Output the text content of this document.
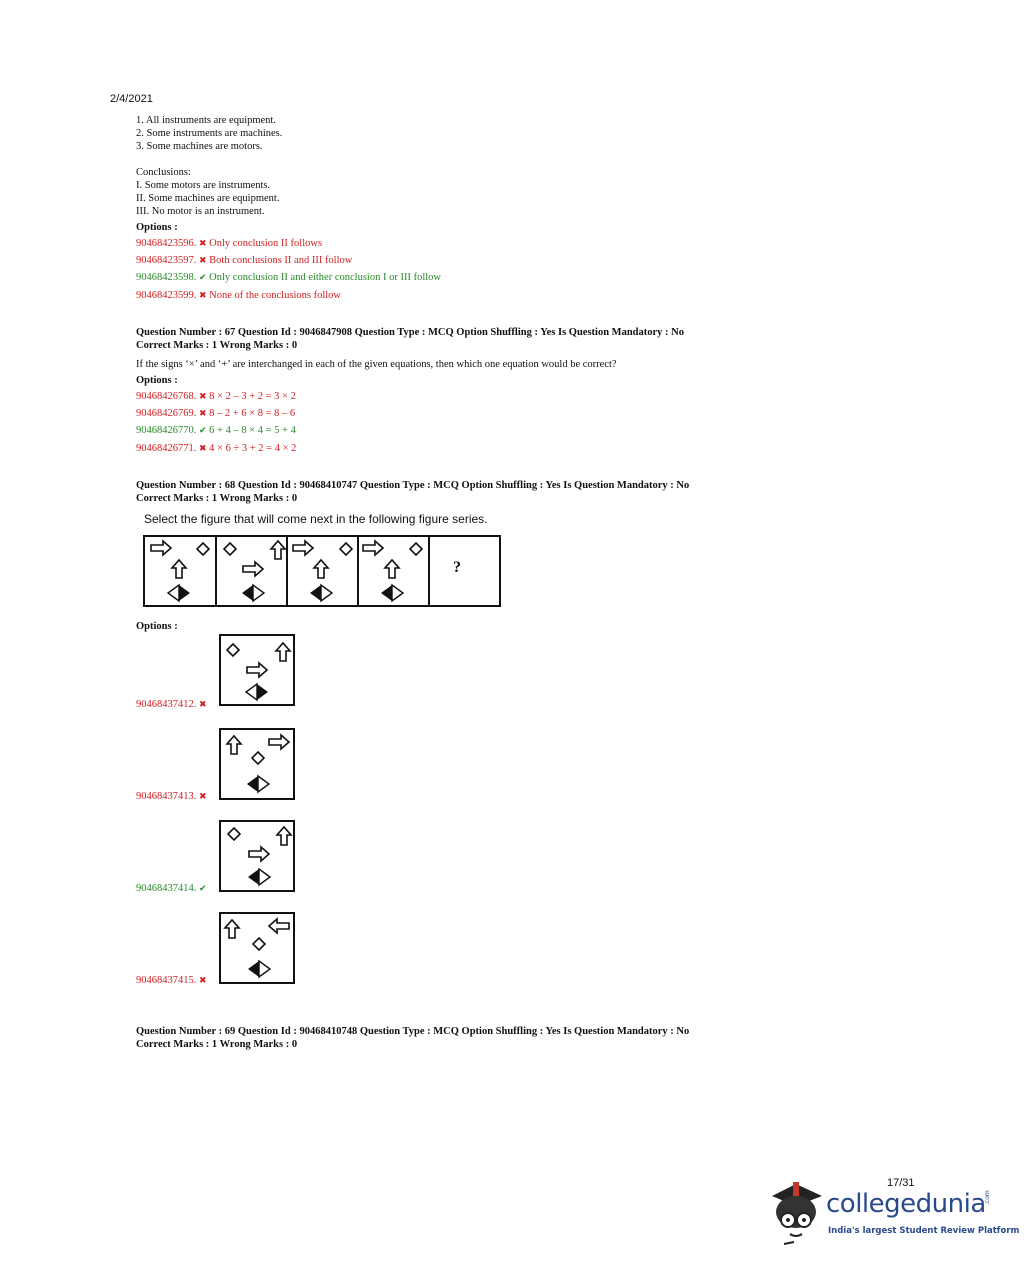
2/4/2021
1. All instruments are equipment.
2. Some instruments are machines.
3. Some machines are motors.
Conclusions:
I. Some motors are instruments.
II. Some machines are equipment.
III. No motor is an instrument.
Options :
90468423596. ✖ Only conclusion II follows
90468423597. ✖ Both conclusions II and III follow
90468423598. ✔ Only conclusion II and either conclusion I or III follow
90468423599. ✖ None of the conclusions follow
Question Number : 67 Question Id : 9046847908 Question Type : MCQ Option Shuffling : Yes Is Question Mandatory : No
Correct Marks : 1 Wrong Marks : 0
If the signs ‘×’ and ‘+’ are interchanged in each of the given equations, then which one equation would be correct?
Options :
90468426768. ✖ 8 × 2 – 3 + 2 = 3 × 2
90468426769. ✖ 8 – 2 + 6 × 8 = 8 – 6
90468426770. ✔ 6 + 4 – 8 × 4 = 5 + 4
90468426771. ✖ 4 × 6 ÷ 3 + 2 = 4 × 2
Question Number : 68 Question Id : 90468410747 Question Type : MCQ Option Shuffling : Yes Is Question Mandatory : No
Correct Marks : 1 Wrong Marks : 0
Select the figure that will come next in the following figure series.
?
Options :
90468437412. ✖
90468437413. ✖
90468437414. ✔
90468437415. ✖
Question Number : 69 Question Id : 90468410748 Question Type : MCQ Option Shuffling : Yes Is Question Mandatory : No
Correct Marks : 1 Wrong Marks : 0
17/31
collegedunia
.com
India's largest Student Review Platform
